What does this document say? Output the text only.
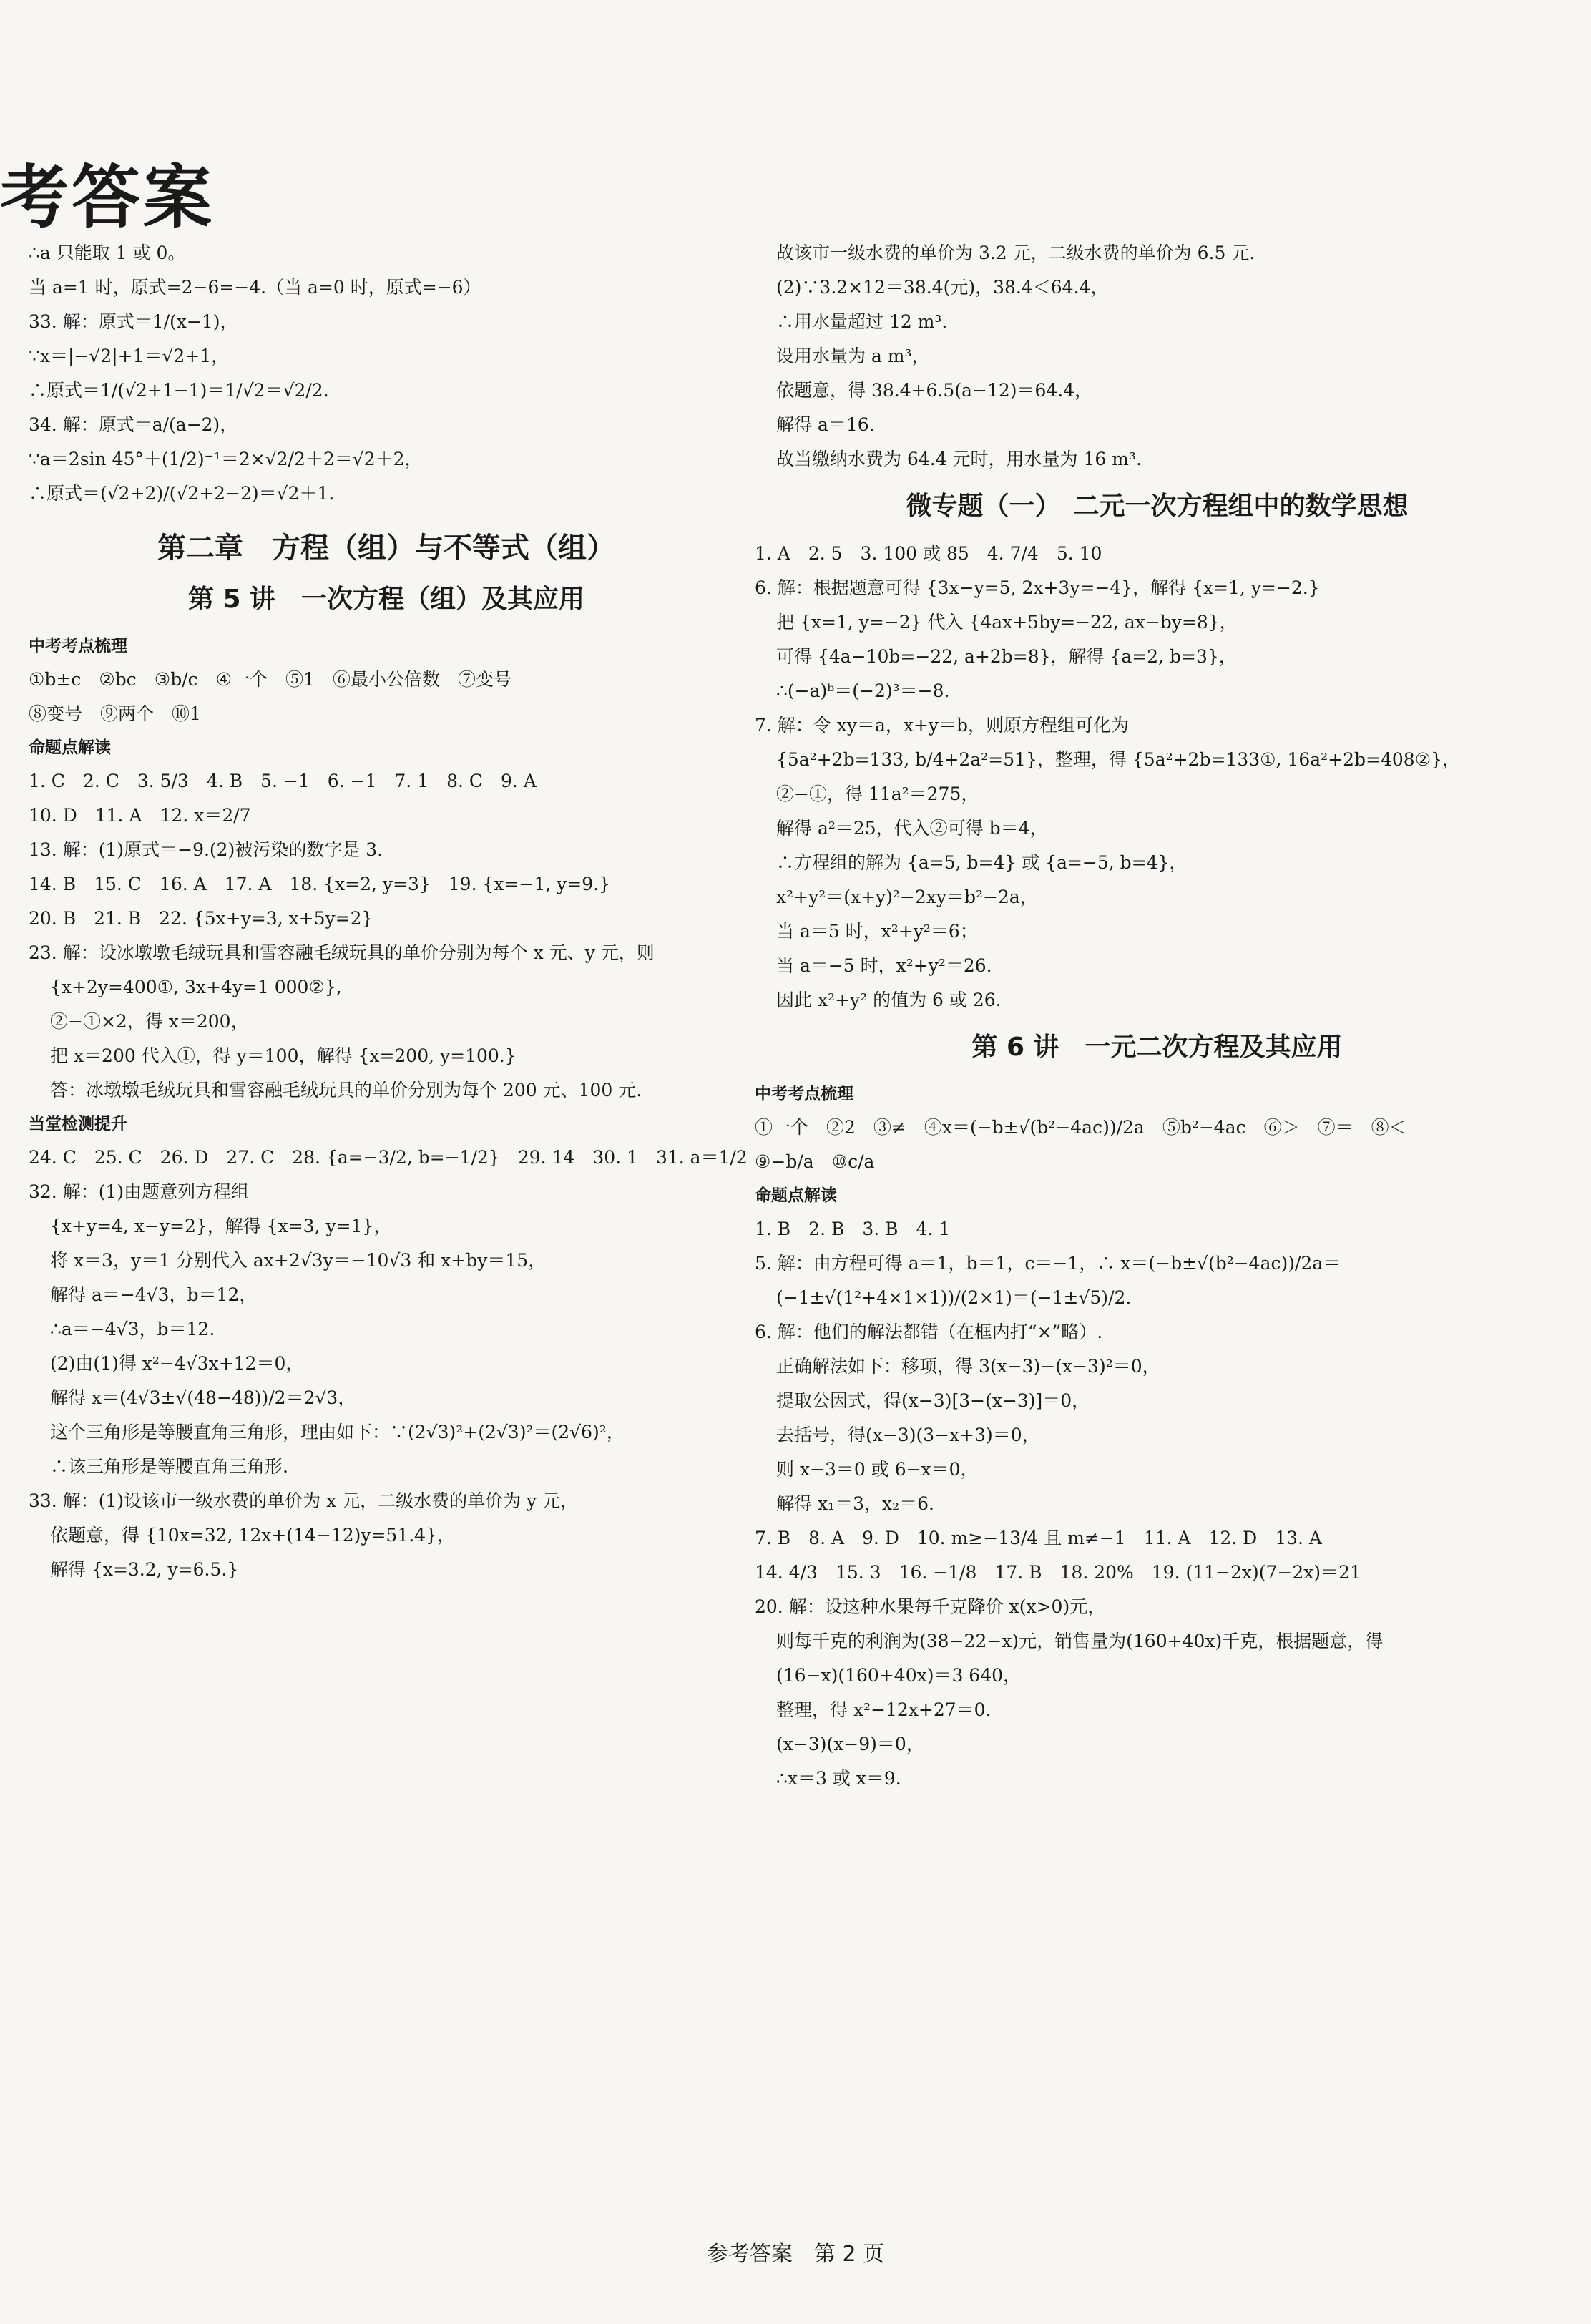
考答案
∴a 只能取 1 或 0。
当 a=1 时，原式=2−6=−4.（当 a=0 时，原式=−6）
33. 解：原式＝1/(x−1)，
∵x＝|−√2|+1＝√2+1，
∴原式＝1/(√2+1−1)＝1/√2＝√2/2.
34. 解：原式＝a/(a−2)，
∵a＝2sin 45°＋(1/2)⁻¹＝2×√2/2＋2＝√2＋2，
∴原式＝(√2+2)/(√2+2−2)＝√2＋1.
第二章　方程（组）与不等式（组）
第 5 讲　一次方程（组）及其应用
中考考点梳理
①b±c　②bc　③b/c　④一个　⑤1　⑥最小公倍数　⑦变号
⑧变号　⑨两个　⑩1
命题点解读
1. C　2. C　3. 5/3　4. B　5. −1　6. −1　7. 1　8. C　9. A
10. D　11. A　12. x＝2/7
13. 解：(1)原式＝−9.(2)被污染的数字是 3.
14. B　15. C　16. A　17. A　18. {x=2, y=3}　19. {x=−1, y=9.}
20. B　21. B　22. {5x+y=3, x+5y=2}
23. 解：设冰墩墩毛绒玩具和雪容融毛绒玩具的单价分别为每个 x 元、y 元，则
{x+2y=400①, 3x+4y=1 000②},
②−①×2，得 x＝200，
把 x＝200 代入①，得 y＝100，解得 {x=200, y=100.}
答：冰墩墩毛绒玩具和雪容融毛绒玩具的单价分别为每个 200 元、100 元.
当堂检测提升
24. C　25. C　26. D　27. C　28. {a=−3/2, b=−1/2}　29. 14　30. 1　31. a＝1/2
32. 解：(1)由题意列方程组
{x+y=4, x−y=2}，解得 {x=3, y=1}，
将 x＝3，y＝1 分别代入 ax+2√3y＝−10√3 和 x+by＝15，
解得 a＝−4√3，b＝12，
∴a＝−4√3，b＝12.
(2)由(1)得 x²−4√3x+12＝0，
解得 x＝(4√3±√(48−48))/2＝2√3，
这个三角形是等腰直角三角形，理由如下：∵(2√3)²+(2√3)²＝(2√6)²，
∴该三角形是等腰直角三角形.
33. 解：(1)设该市一级水费的单价为 x 元，二级水费的单价为 y 元，
依题意，得 {10x=32, 12x+(14−12)y=51.4}，
解得 {x=3.2, y=6.5.}
故该市一级水费的单价为 3.2 元，二级水费的单价为 6.5 元.
(2)∵3.2×12＝38.4(元)，38.4＜64.4，
∴用水量超过 12 m³.
设用水量为 a m³，
依题意，得 38.4+6.5(a−12)＝64.4，
解得 a＝16.
故当缴纳水费为 64.4 元时，用水量为 16 m³.
微专题（一）　二元一次方程组中的数学思想
1. A　2. 5　3. 100 或 85　4. 7/4　5. 10
6. 解：根据题意可得 {3x−y=5, 2x+3y=−4}，解得 {x=1, y=−2.}
把 {x=1, y=−2} 代入 {4ax+5by=−22, ax−by=8}，
可得 {4a−10b=−22, a+2b=8}，解得 {a=2, b=3}，
∴(−a)ᵇ＝(−2)³＝−8.
7. 解：令 xy＝a，x+y＝b，则原方程组可化为
{5a²+2b=133, b/4+2a²=51}，整理，得 {5a²+2b=133①, 16a²+2b=408②}，
②−①，得 11a²＝275，
解得 a²＝25，代入②可得 b＝4，
∴方程组的解为 {a=5, b=4} 或 {a=−5, b=4}，
x²+y²＝(x+y)²−2xy＝b²−2a，
当 a＝5 时，x²+y²＝6；
当 a＝−5 时，x²+y²＝26.
因此 x²+y² 的值为 6 或 26.
第 6 讲　一元二次方程及其应用
中考考点梳理
①一个　②2　③≠　④x＝(−b±√(b²−4ac))/2a　⑤b²−4ac　⑥＞　⑦＝　⑧＜
⑨−b/a　⑩c/a
命题点解读
1. B　2. B　3. B　4. 1
5. 解：由方程可得 a＝1，b＝1，c＝−1，∴ x＝(−b±√(b²−4ac))/2a＝
(−1±√(1²+4×1×1))/(2×1)＝(−1±√5)/2.
6. 解：他们的解法都错（在框内打“×”略）.
正确解法如下：移项，得 3(x−3)−(x−3)²＝0，
提取公因式，得(x−3)[3−(x−3)]＝0，
去括号，得(x−3)(3−x+3)＝0，
则 x−3＝0 或 6−x＝0，
解得 x₁＝3，x₂＝6.
7. B　8. A　9. D　10. m≥−13/4 且 m≠−1　11. A　12. D　13. A
14. 4/3　15. 3　16. −1/8　17. B　18. 20%　19. (11−2x)(7−2x)＝21
20. 解：设这种水果每千克降价 x(x>0)元，
则每千克的利润为(38−22−x)元，销售量为(160+40x)千克，根据题意，得
(16−x)(160+40x)＝3 640，
整理，得 x²−12x+27＝0.
(x−3)(x−9)＝0，
∴x＝3 或 x＝9.
参考答案　第 2 页
